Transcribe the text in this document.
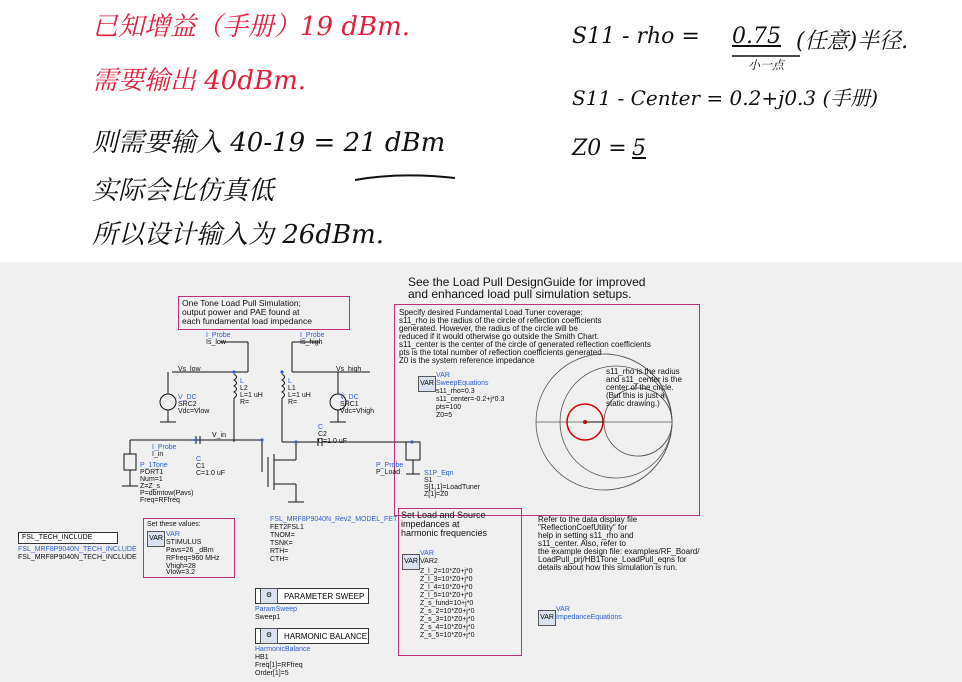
已知增益（手册）19 dBm.
需要输出 40dBm.
则需要输入 40-19 = 21 dBm
实际会比仿真低
所以设计输入为 26dBm.
S11 - rho = 0.75 (任意)半径.
小一点
S11 - Center = 0.2+j0.3 (手册)
Z0 = 5
One Tone Load Pull Simulation;
output power and PAE found at
each fundamental load impedance
See the Load Pull DesignGuide for improved
and enhanced load pull simulation setups.
Specify desired Fundamental Load Tuner coverage:
s11_rho is the radius of the circle of reflection coefficients
generated. However, the radius of the circle will be
reduced if it would otherwise go outside the Smith Chart.
s11_center is the center of the circle of generated reflection coefficients
pts is the total number of reflection coefficients generated
Z0 is the system reference impedance
VAR
VAR
SweepEquations
s11_rho=0.3
s11_center=-0.2+j*0.3
pts=100
Z0=5
s11_rho is the radius
and s11_center is the
center of the circle.
(But this is just a
static drawing.)
Set Load and Source
impedances at
harmonic frequencies
VAR
VAR
VAR2
Z_l_2=10*Z0+j*0
Z_l_3=10*Z0+j*0
Z_l_4=10*Z0+j*0
Z_l_5=10*Z0+j*0
Z_s_fund=10+j*0
Z_s_2=10*Z0+j*0
Z_s_3=10*Z0+j*0
Z_s_4=10*Z0+j*0
Z_s_5=10*Z0+j*0
Refer to the data display file
"ReflectionCoefUtility" for
help in setting s11_rho and
s11_center. Also, refer to
the example design file: examples/RF_Board/
LoadPull_prj/HB1Tone_LoadPull_eqns for
details about how this simulation is run.
VAR
VAR
ImpedanceEquations
Set these values:
VAR
VAR
STIMULUS
Pavs=26 _dBm
RFfreq=960 MHz
Vhigh=28
Vlow=3.2
FSL_TECH_INCLUDE
FSL_MRF8P9040N_TECH_INCLUDE
FSL_MRF8P9040N_TECH_INCLUDE
⚙	PARAMETER SWEEP
ParamSweep
Sweep1
⚙	HARMONIC BALANCE
HarmonicBalance
HB1
Freq[1]=RFfreq
Order[1]=5
I_Probe
Is_low
I_Probe
Is_high
Vs_low	Vs_high
L
L2
L=1 uH
R=
L
L1
L=1 uH
R=
V_DC
SRC2
Vdc=Vlow
V_DC
SRC1
Vdc=Vhigh
C
C2
C=1.0 uF
C
C1
C=1.0 uF
V_in
I_Probe
I_in
P_1Tone
PORT1
Num=1
Z=Z_s
P=dbmtow(Pavs)
Freq=RFfreq
P_Probe
P_Load	S1P_Eqn
S1
S[1,1]=LoadTuner
Z[1]=Z0
FSL_MRF8P9040N_Rev2_MODEL_FET
FET2FSL1
TNOM=
TSNK=
RTH=
CTH=
